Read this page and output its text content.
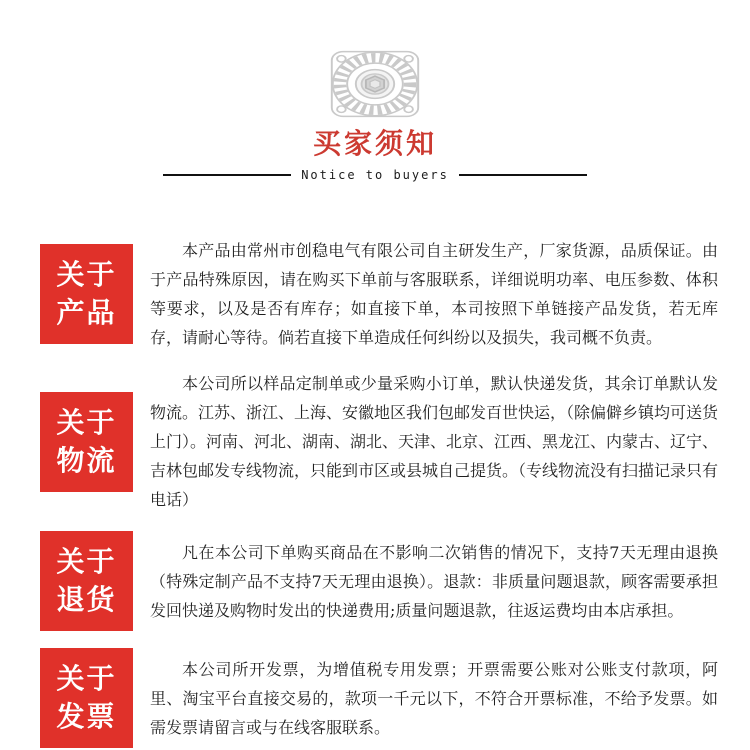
买家须知
Notice to buyers
关于
产品
本产品由常州市创稳电气有限公司自主研发生产，厂家货源，品质保证。由于产品特殊原因，请在购买下单前与客服联系，详细说明功率、电压参数、体积等要求，以及是否有库存；如直接下单，本司按照下单链接产品发货，若无库存，请耐心等待。倘若直接下单造成任何纠纷以及损失，我司概不负责。
关于
物流
本公司所以样品定制单或少量采购小订单，默认快递发货，其余订单默认发物流。江苏、浙江、上海、安徽地区我们包邮发百世快运，（除偏僻乡镇均可送货上门）。河南、河北、湖南、湖北、天津、北京、江西、黑龙江、内蒙古、辽宁、吉林包邮发专线物流，只能到市区或县城自己提货。（专线物流没有扫描记录只有电话）
关于
退货
凡在本公司下单购买商品在不影响二次销售的情况下，支持7天无理由退换（特殊定制产品不支持7天无理由退换）。退款：非质量问题退款，顾客需要承担发回快递及购物时发出的快递费用;质量问题退款，往返运费均由本店承担。
关于
发票
本公司所开发票，为增值税专用发票；开票需要公账对公账支付款项，阿里、淘宝平台直接交易的，款项一千元以下，不符合开票标准，不给予发票。如需发票请留言或与在线客服联系。
